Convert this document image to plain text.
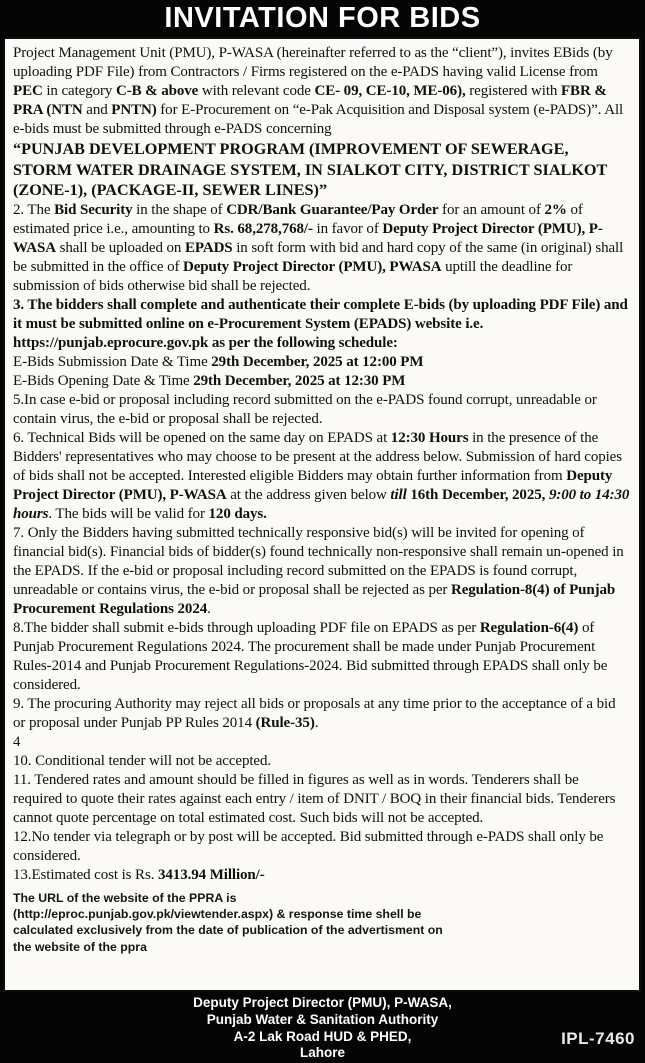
INVITATION FOR BIDS

Project Management Unit (PMU), P-WASA (hereinafter referred to as the “client”), invites EBids (by uploading PDF File) from Contractors / Firms registered on the e-PADS having valid License from PEC in category C-B & above with relevant code CE- 09, CE-10, ME-06), registered with FBR & PRA (NTN and PNTN) for E-Procurement on “e-Pak Acquisition and Disposal system (e-PADS)”. All e-bids must be submitted through e-PADS concerning

“PUNJAB DEVELOPMENT PROGRAM (IMPROVEMENT OF SEWERAGE, STORM WATER DRAINAGE SYSTEM, IN SIALKOT CITY, DISTRICT SIALKOT (ZONE-1), (PACKAGE-II, SEWER LINES)”

2. The Bid Security in the shape of CDR/Bank Guarantee/Pay Order for an amount of 2% of estimated price i.e., amounting to Rs. 68,278,768/- in favor of Deputy Project Director (PMU), P-WASA shall be uploaded on EPADS in soft form with bid and hard copy of the same (in original) shall be submitted in the office of Deputy Project Director (PMU), PWASA uptill the deadline for submission of bids otherwise bid shall be rejected.

3. The bidders shall complete and authenticate their complete E-bids (by uploading PDF File) and it must be submitted online on e-Procurement System (EPADS) website i.e. https://punjab.eprocure.gov.pk as per the following schedule:

E-Bids Submission Date & Time 29th December, 2025 at 12:00 PM

E-Bids Opening Date & Time 29th December, 2025 at 12:30 PM

5.In case e-bid or proposal including record submitted on the e-PADS found corrupt, unreadable or contain virus, the e-bid or proposal shall be rejected.

6. Technical Bids will be opened on the same day on EPADS at 12:30 Hours in the presence of the Bidders' representatives who may choose to be present at the address below. Submission of hard copies of bids shall not be accepted. Interested eligible Bidders may obtain further information from Deputy Project Director (PMU), P-WASA at the address given below till 16th December, 2025, 9:00 to 14:30 hours. The bids will be valid for 120 days.

7. Only the Bidders having submitted technically responsive bid(s) will be invited for opening of financial bid(s). Financial bids of bidder(s) found technically non-responsive shall remain un-opened in the EPADS. If the e-bid or proposal including record submitted on the EPADS is found corrupt, unreadable or contains virus, the e-bid or proposal shall be rejected as per Regulation-8(4) of Punjab Procurement Regulations 2024.

8.The bidder shall submit e-bids through uploading PDF file on EPADS as per Regulation-6(4) of Punjab Procurement Regulations 2024. The procurement shall be made under Punjab Procurement Rules-2014 and Punjab Procurement Regulations-2024. Bid submitted through EPADS shall only be considered.

9. The procuring Authority may reject all bids or proposals at any time prior to the acceptance of a bid or proposal under Punjab PP Rules 2014 (Rule-35).

4

10. Conditional tender will not be accepted.

11. Tendered rates and amount should be filled in figures as well as in words. Tenderers shall be required to quote their rates against each entry / item of DNIT / BOQ in their financial bids. Tenderers cannot quote percentage on total estimated cost. Such bids will not be accepted.

12.No tender via telegraph or by post will be accepted. Bid submitted through e-PADS shall only be considered.

13.Estimated cost is Rs. 3413.94 Million/-

The URL of the website of the PPRA is
(http://eproc.punjab.gov.pk/viewtender.aspx) & response time shell be
calculated exclusively from the date of publication of the advertisment on
the website of the ppra
Deputy Project Director (PMU), P-WASA,
Punjab Water & Sanitation Authority
A-2 Lak Road HUD & PHED,
Lahore
IPL-7460
